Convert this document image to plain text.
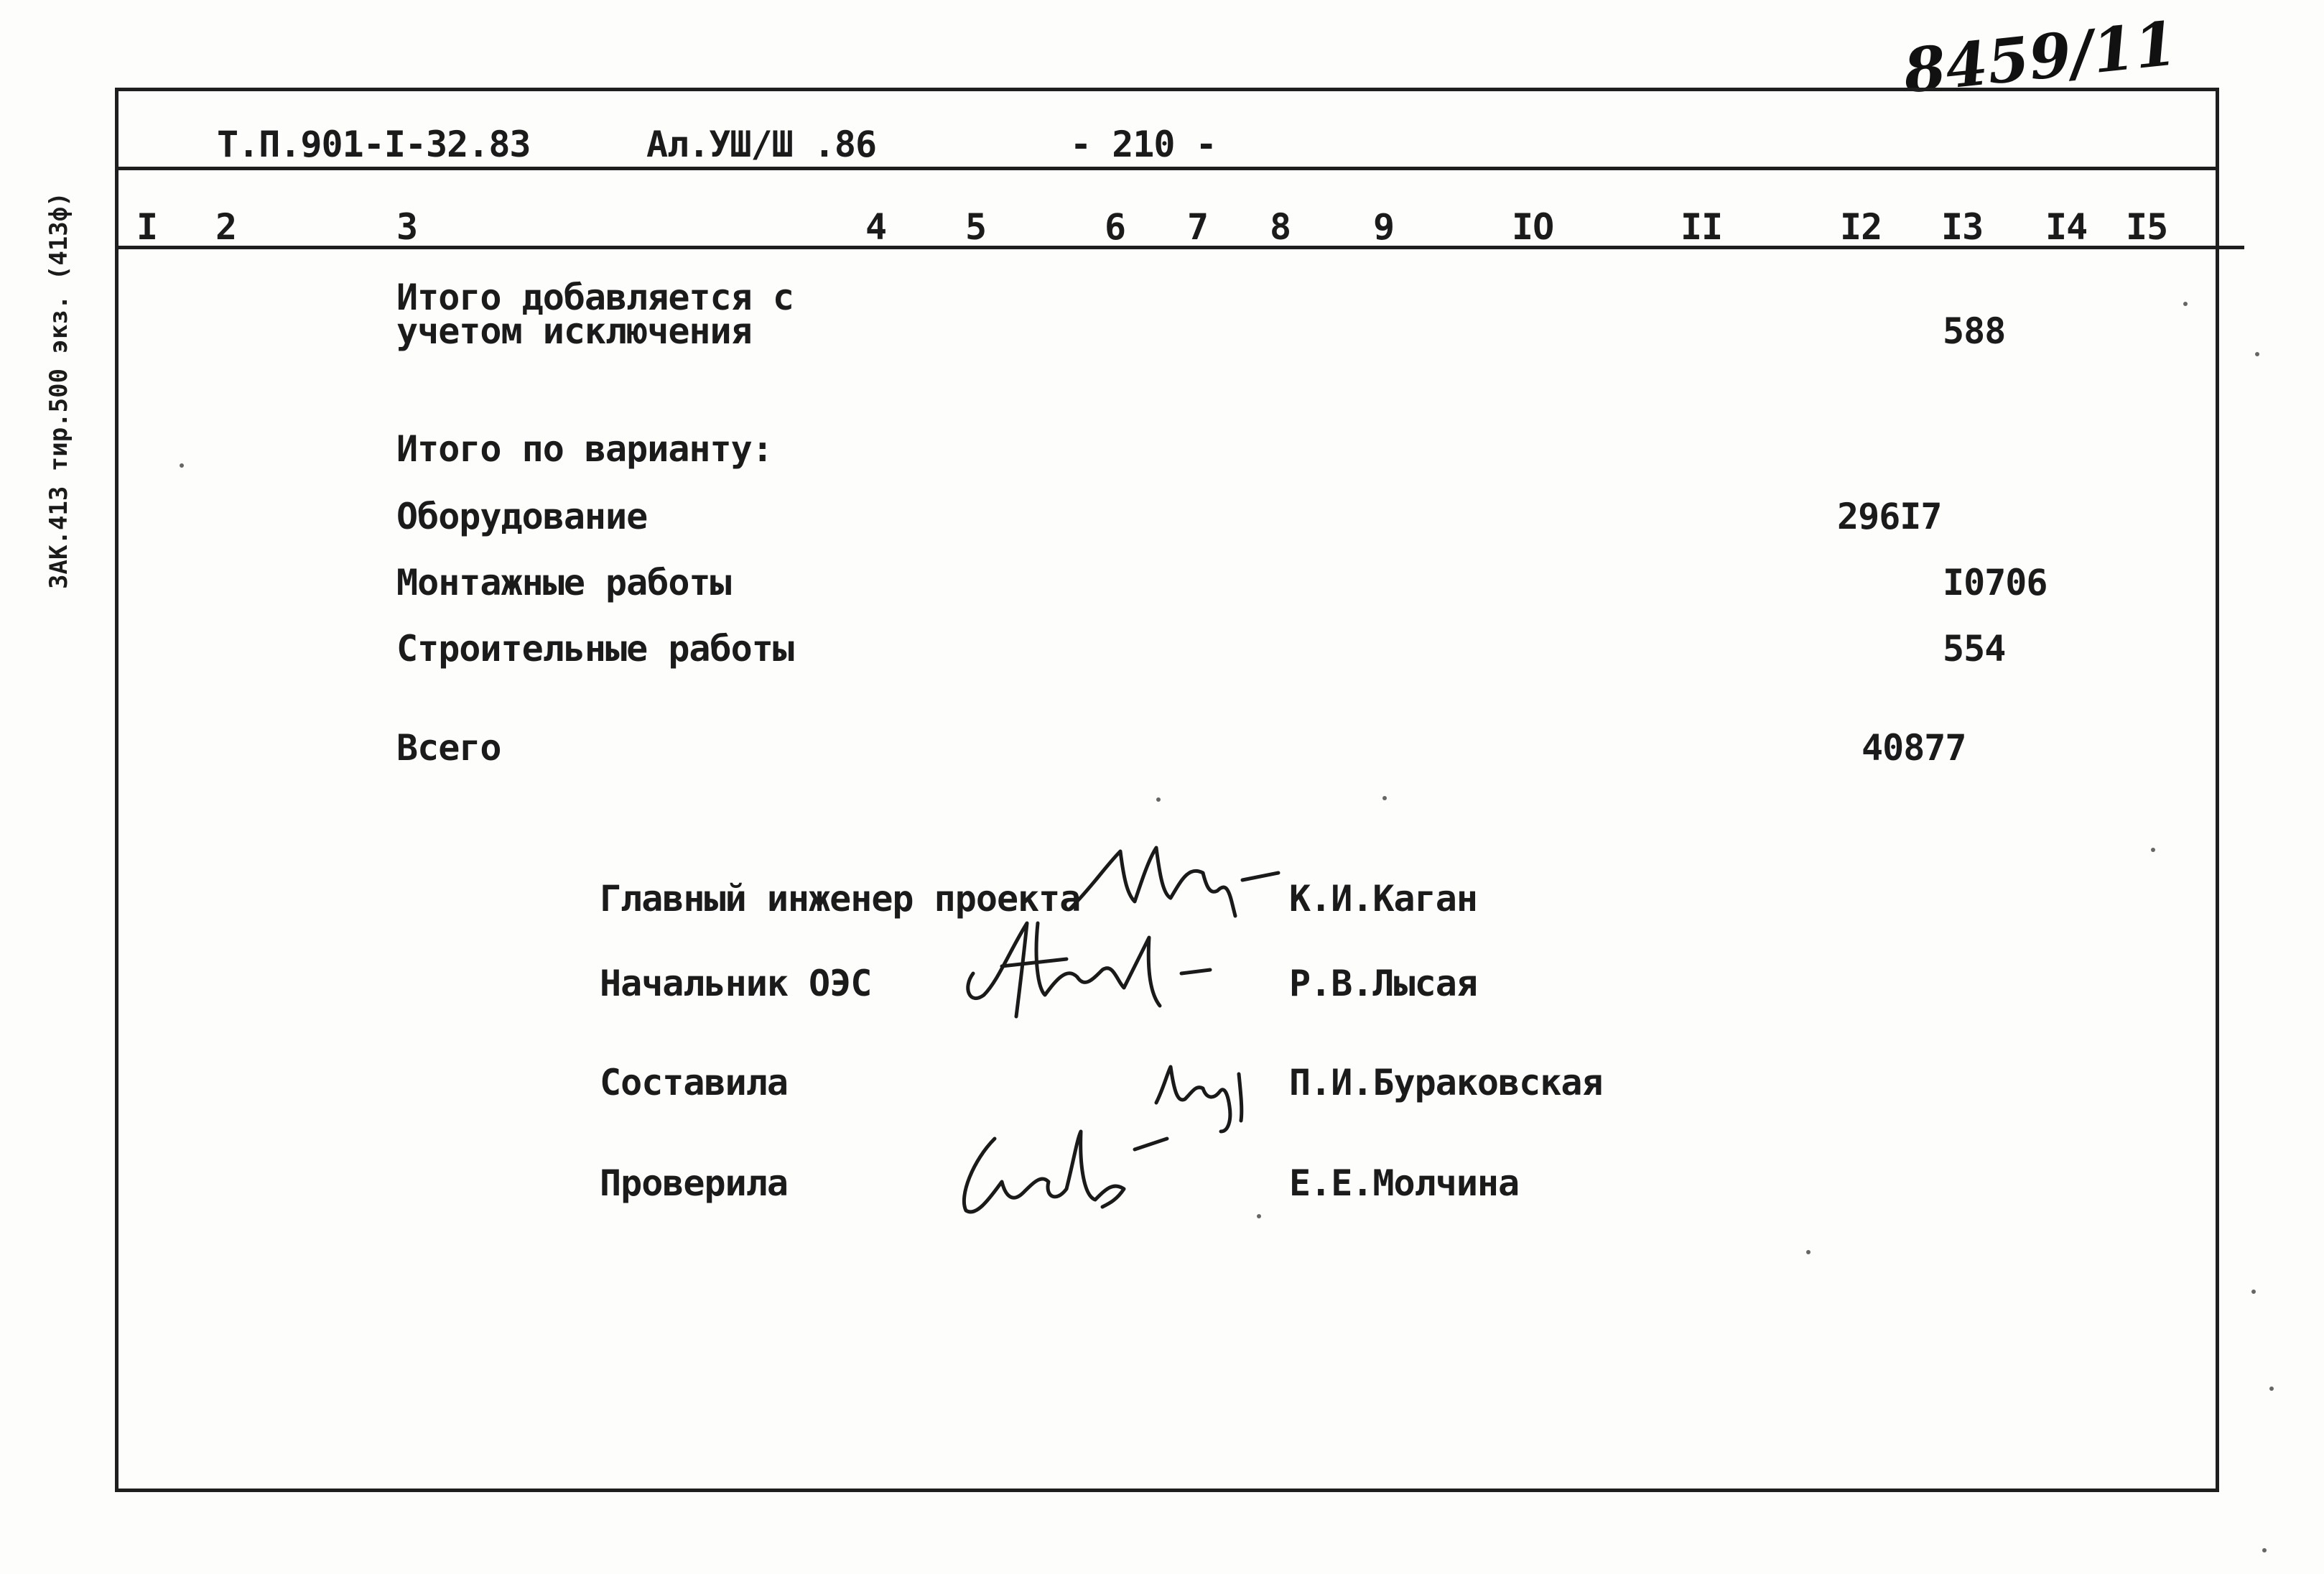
8459/11
ЗАК.413 тир.500 экз. (413ф)
Т.П.901-I-32.83	Ал.УШ/Ш .86	- 210 -
I 2	3	4 5	6 7 8 9	IO	II	I2 I3 I4 I5
Итого добавляется с
учетом исключения	588
Итого по варианту:
Оборудование	296I7
Монтажные работы	I0706
Строительные работы	554
Всего	40877
Главный инженер проекта	К.И.Каган
Начальник ОЭС	Р.В.Лысая
Составила	П.И.Бураковская
Проверила	Е.Е.Молчина
